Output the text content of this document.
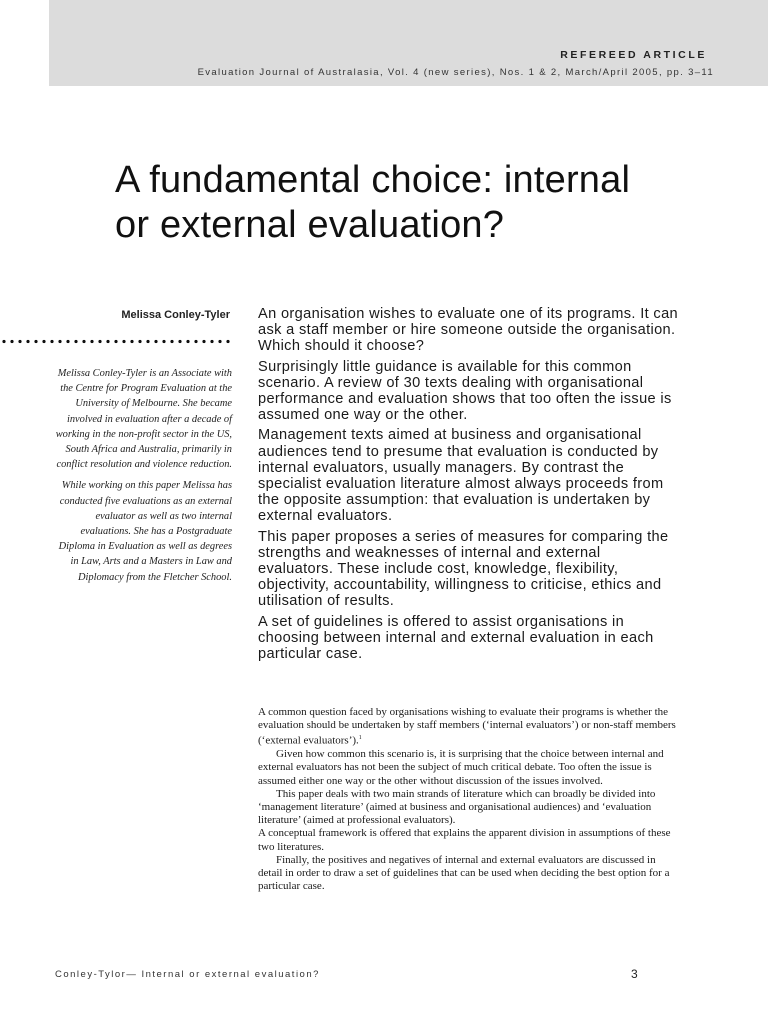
REFEREED ARTICLE
Evaluation Journal of Australasia, Vol. 4 (new series), Nos. 1 & 2, March/April 2005, pp. 3–11
A fundamental choice: internal
or external evaluation?
Melissa Conley-Tyler

Melissa Conley-Tyler is an Associate with the Centre for Program Evaluation at the University of Melbourne. She became involved in evaluation after a decade of working in the non-profit sector in the US, South Africa and Australia, primarily in conflict resolution and violence reduction.

While working on this paper Melissa has conducted five evaluations as an external evaluator as well as two internal evaluations. She has a Postgraduate Diploma in Evaluation as well as degrees in Law, Arts and a Masters in Law and Diplomacy from the Fletcher School.

An organisation wishes to evaluate one of its programs. It can ask a staff member or hire someone outside the organisation. Which should it choose?

Surprisingly little guidance is available for this common scenario. A review of 30 texts dealing with organisational performance and evaluation shows that too often the issue is assumed one way or the other.

Management texts aimed at business and organisational audiences tend to presume that evaluation is conducted by internal evaluators, usually managers. By contrast the specialist evaluation literature almost always proceeds from the opposite assumption: that evaluation is undertaken by external evaluators.

This paper proposes a series of measures for comparing the strengths and weaknesses of internal and external evaluators. These include cost, knowledge, flexibility, objectivity, accountability, willingness to criticise, ethics and utilisation of results.

A set of guidelines is offered to assist organisations in choosing between internal and external evaluation in each particular case.

A common question faced by organisations wishing to evaluate their programs is whether the evaluation should be undertaken by staff members (‘internal evaluators’) or non-staff members (‘external evaluators’).$^1$

Given how common this scenario is, it is surprising that the choice between internal and external evaluators has not been the subject of much critical debate. Too often the issue is assumed either one way or the other without discussion of the issues involved.

This paper deals with two main strands of literature which can broadly be divided into ‘management literature’ (aimed at business and organisational audiences) and ‘evaluation literature’ (aimed at professional evaluators).

A conceptual framework is offered that explains the apparent division in assumptions of these two literatures.

Finally, the positives and negatives of internal and external evaluators are discussed in detail in order to draw a set of guidelines that can be used when deciding the best option for a particular case.

Conley-Tylor— Internal or external evaluation?	3
